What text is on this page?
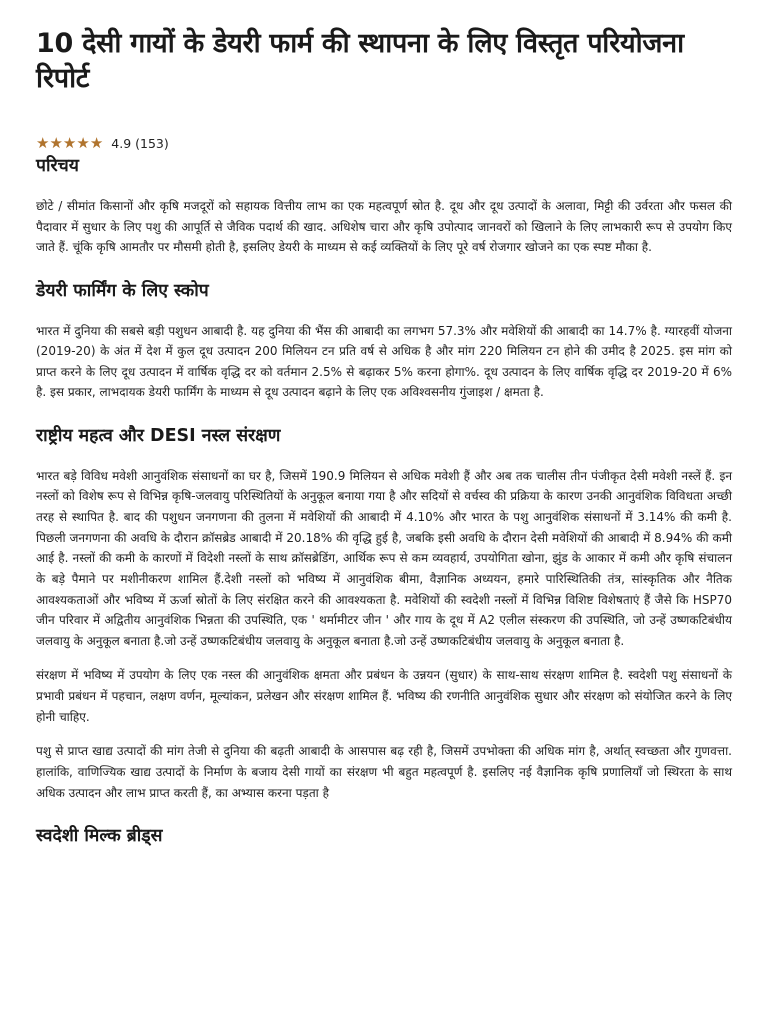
10 देसी गायों के डेयरी फार्म की स्थापना के लिए विस्तृत परियोजना रिपोर्ट
★ ★ ★ ★ ★ 4.9 (153)
परिचय

छोटे / सीमांत किसानों और कृषि मजदूरों को सहायक वित्तीय लाभ का एक महत्वपूर्ण स्रोत है. दूध और दूध उत्पादों के अलावा, मिट्टी की उर्वरता और फसल की पैदावार में सुधार के लिए पशु की आपूर्ति से जैविक पदार्थ की खाद. अधिशेष चारा और कृषि उपोत्पाद जानवरों को खिलाने के लिए लाभकारी रूप से उपयोग किए जाते हैं. चूंकि कृषि आमतौर पर मौसमी होती है, इसलिए डेयरी के माध्यम से कई व्यक्तियों के लिए पूरे वर्ष रोजगार खोजने का एक स्पष्ट मौका है.

डेयरी फार्मिंग के लिए स्कोप

भारत में दुनिया की सबसे बड़ी पशुधन आबादी है. यह दुनिया की भैंस की आबादी का लगभग 57.3% और मवेशियों की आबादी का 14.7% है. ग्यारहवीं योजना (2019-20) के अंत में देश में कुल दूध उत्पादन 200 मिलियन टन प्रति वर्ष से अधिक है और मांग 220 मिलियन टन होने की उमीद है 2025. इस मांग को प्राप्त करने के लिए दूध उत्पादन में वार्षिक वृद्धि दर को वर्तमान 2.5% से बढ़ाकर 5% करना होगा%. दूध उत्पादन के लिए वार्षिक वृद्धि दर 2019-20 में 6% है. इस प्रकार, लाभदायक डेयरी फार्मिंग के माध्यम से दूध उत्पादन बढ़ाने के लिए एक अविश्वसनीय गुंजाइश / क्षमता है.

राष्ट्रीय महत्व और DESI नस्ल संरक्षण

भारत बड़े विविध मवेशी आनुवंशिक संसाधनों का घर है, जिसमें 190.9 मिलियन से अधिक मवेशी हैं और अब तक चालीस तीन पंजीकृत देसी मवेशी नस्लें हैं. इन नस्लों को विशेष रूप से विभिन्न कृषि-जलवायु परिस्थितियों के अनुकूल बनाया गया है और सदियों से वर्चस्व की प्रक्रिया के कारण उनकी आनुवंशिक विविधता अच्छी तरह से स्थापित है. बाद की पशुधन जनगणना की तुलना में मवेशियों की आबादी में 4.10% और भारत के पशु आनुवंशिक संसाधनों में 3.14% की कमी है. पिछली जनगणना की अवधि के दौरान क्रॉसब्रेड आबादी में 20.18% की वृद्धि हुई है, जबकि इसी अवधि के दौरान देसी मवेशियों की आबादी में 8.94% की कमी आई है. नस्लों की कमी के कारणों में विदेशी नस्लों के साथ क्रॉसब्रेडिंग, आर्थिक रूप से कम व्यवहार्य, उपयोगिता खोना, झुंड के आकार में कमी और कृषि संचालन के बड़े पैमाने पर मशीनीकरण शामिल हैं.देशी नस्लों को भविष्य में आनुवंशिक बीमा, वैज्ञानिक अध्ययन, हमारे पारिस्थितिकी तंत्र, सांस्कृतिक और नैतिक आवश्यकताओं और भविष्य में ऊर्जा स्रोतों के लिए संरक्षित करने की आवश्यकता है. मवेशियों की स्वदेशी नस्लों में विभिन्न विशिष्ट विशेषताएं हैं जैसे कि HSP70 जीन परिवार में अद्वितीय आनुवंशिक भिन्नता की उपस्थिति, एक ' थर्मामीटर जीन ' और गाय के दूध में A2 एलील संस्करण की उपस्थिति, जो उन्हें उष्णकटिबंधीय जलवायु के अनुकूल बनाता है.जो उन्हें उष्णकटिबंधीय जलवायु के अनुकूल बनाता है.जो उन्हें उष्णकटिबंधीय जलवायु के अनुकूल बनाता है.

संरक्षण में भविष्य में उपयोग के लिए एक नस्ल की आनुवंशिक क्षमता और प्रबंधन के उन्नयन (सुधार) के साथ-साथ संरक्षण शामिल है. स्वदेशी पशु संसाधनों के प्रभावी प्रबंधन में पहचान, लक्षण वर्णन, मूल्यांकन, प्रलेखन और संरक्षण शामिल हैं. भविष्य की रणनीति आनुवंशिक सुधार और संरक्षण को संयोजित करने के लिए होनी चाहिए.

पशु से प्राप्त खाद्य उत्पादों की मांग तेजी से दुनिया की बढ़ती आबादी के आसपास बढ़ रही है, जिसमें उपभोक्ता की अधिक मांग है, अर्थात् स्वच्छता और गुणवत्ता. हालांकि, वाणिज्यिक खाद्य उत्पादों के निर्माण के बजाय देसी गायों का संरक्षण भी बहुत महत्वपूर्ण है. इसलिए नई वैज्ञानिक कृषि प्रणालियाँ जो स्थिरता के साथ अधिक उत्पादन और लाभ प्राप्त करती हैं, का अभ्यास करना पड़ता है

स्वदेशी मिल्क ब्रीड्स
